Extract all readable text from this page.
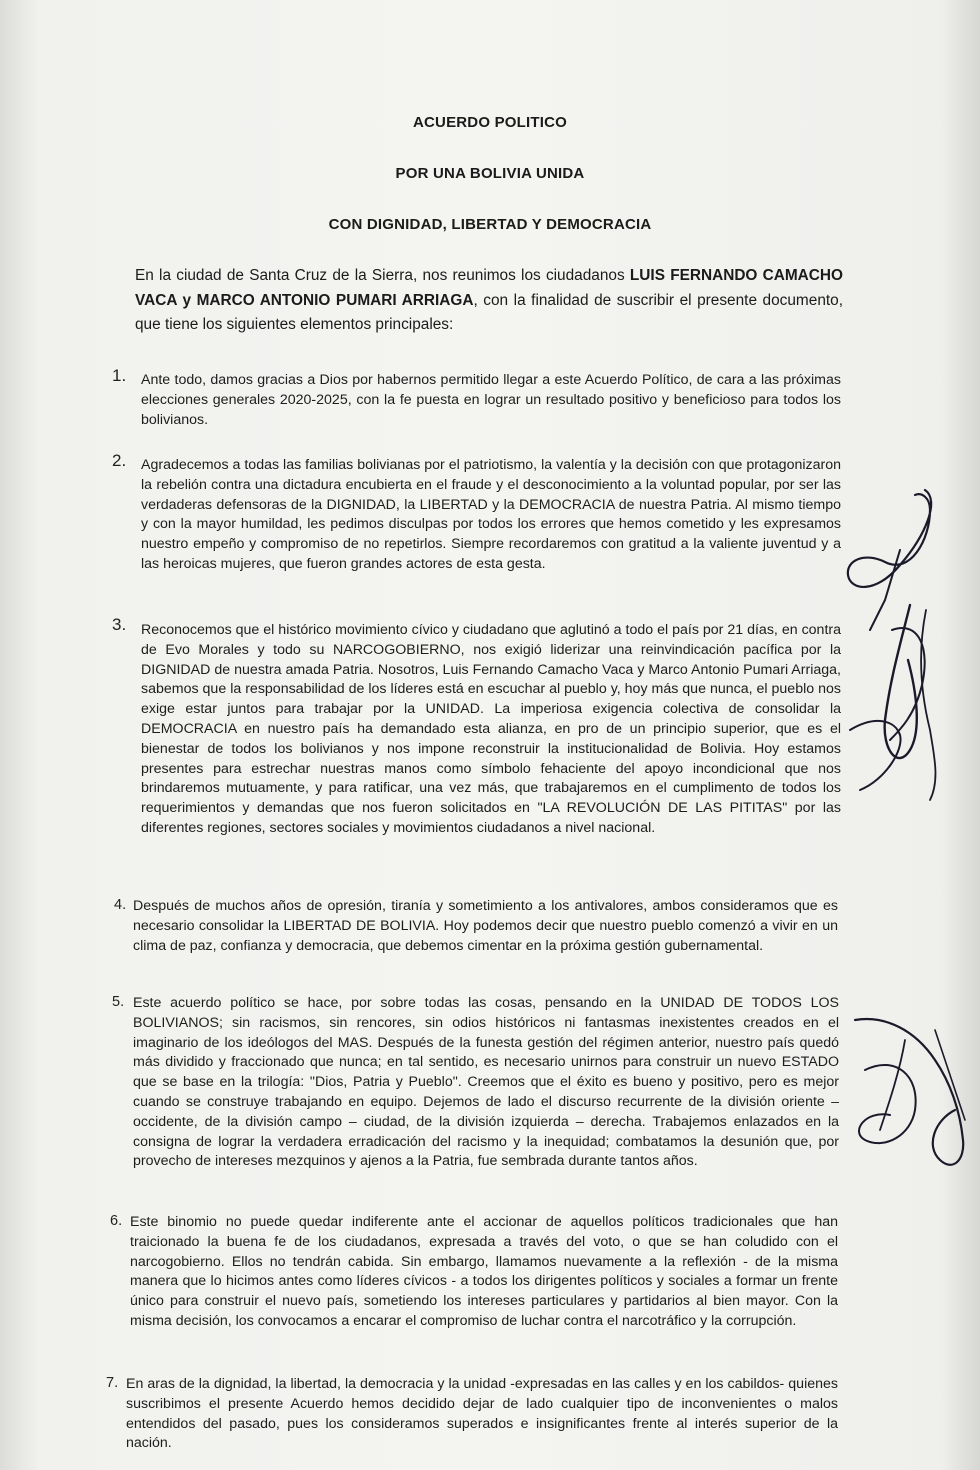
ACUERDO POLITICO
POR UNA BOLIVIA UNIDA
CON DIGNIDAD, LIBERTAD Y DEMOCRACIA
En la ciudad de Santa Cruz de la Sierra, nos reunimos los ciudadanos LUIS FERNANDO CAMACHO VACA y MARCO ANTONIO PUMARI ARRIAGA, con la finalidad de suscribir el presente documento, que tiene los siguientes elementos principales:
1. Ante todo, damos gracias a Dios por habernos permitido llegar a este Acuerdo Político, de cara a las próximas elecciones generales 2020-2025, con la fe puesta en lograr un resultado positivo y beneficioso para todos los bolivianos.
2. Agradecemos a todas las familias bolivianas por el patriotismo, la valentía y la decisión con que protagonizaron la rebelión contra una dictadura encubierta en el fraude y el desconocimiento a la voluntad popular, por ser las verdaderas defensoras de la DIGNIDAD, la LIBERTAD y la DEMOCRACIA de nuestra Patria. Al mismo tiempo y con la mayor humildad, les pedimos disculpas por todos los errores que hemos cometido y les expresamos nuestro empeño y compromiso de no repetirlos. Siempre recordaremos con gratitud a la valiente juventud y a las heroicas mujeres, que fueron grandes actores de esta gesta.
3. Reconocemos que el histórico movimiento cívico y ciudadano que aglutinó a todo el país por 21 días, en contra de Evo Morales y todo su NARCOGOBIERNO, nos exigió liderizar una reinvindicación pacífica por la DIGNIDAD de nuestra amada Patria. Nosotros, Luis Fernando Camacho Vaca y Marco Antonio Pumari Arriaga, sabemos que la responsabilidad de los líderes está en escuchar al pueblo y, hoy más que nunca, el pueblo nos exige estar juntos para trabajar por la UNIDAD. La imperiosa exigencia colectiva de consolidar la DEMOCRACIA en nuestro país ha demandado esta alianza, en pro de un principio superior, que es el bienestar de todos los bolivianos y nos impone reconstruir la institucionalidad de Bolivia. Hoy estamos presentes para estrechar nuestras manos como símbolo fehaciente del apoyo incondicional que nos brindaremos mutuamente, y para ratificar, una vez más, que trabajaremos en el cumplimento de todos los requerimientos y demandas que nos fueron solicitados en "LA REVOLUCIÓN DE LAS PITITAS" por las diferentes regiones, sectores sociales y movimientos ciudadanos a nivel nacional.
4. Después de muchos años de opresión, tiranía y sometimiento a los antivalores, ambos consideramos que es necesario consolidar la LIBERTAD DE BOLIVIA. Hoy podemos decir que nuestro pueblo comenzó a vivir en un clima de paz, confianza y democracia, que debemos cimentar en la próxima gestión gubernamental.
5. Este acuerdo político se hace, por sobre todas las cosas, pensando en la UNIDAD DE TODOS LOS BOLIVIANOS; sin racismos, sin rencores, sin odios históricos ni fantasmas inexistentes creados en el imaginario de los ideólogos del MAS. Después de la funesta gestión del régimen anterior, nuestro país quedó más dividido y fraccionado que nunca; en tal sentido, es necesario unirnos para construir un nuevo ESTADO que se base en la trilogía: "Dios, Patria y Pueblo". Creemos que el éxito es bueno y positivo, pero es mejor cuando se construye trabajando en equipo. Dejemos de lado el discurso recurrente de la división oriente – occidente, de la división campo – ciudad, de la división izquierda – derecha. Trabajemos enlazados en la consigna de lograr la verdadera erradicación del racismo y la inequidad; combatamos la desunión que, por provecho de intereses mezquinos y ajenos a la Patria, fue sembrada durante tantos años.
6. Este binomio no puede quedar indiferente ante el accionar de aquellos políticos tradicionales que han traicionado la buena fe de los ciudadanos, expresada a través del voto, o que se han coludido con el narcogobierno. Ellos no tendrán cabida. Sin embargo, llamamos nuevamente a la reflexión - de la misma manera que lo hicimos antes como líderes cívicos - a todos los dirigentes políticos y sociales a formar un frente único para construir el nuevo país, sometiendo los intereses particulares y partidarios al bien mayor. Con la misma decisión, los convocamos a encarar el compromiso de luchar contra el narcotráfico y la corrupción.
7. En aras de la dignidad, la libertad, la democracia y la unidad -expresadas en las calles y en los cabildos- quienes suscribimos el presente Acuerdo hemos decidido dejar de lado cualquier tipo de inconvenientes o malos entendidos del pasado, pues los consideramos superados e insignificantes frente al interés superior de la nación.
